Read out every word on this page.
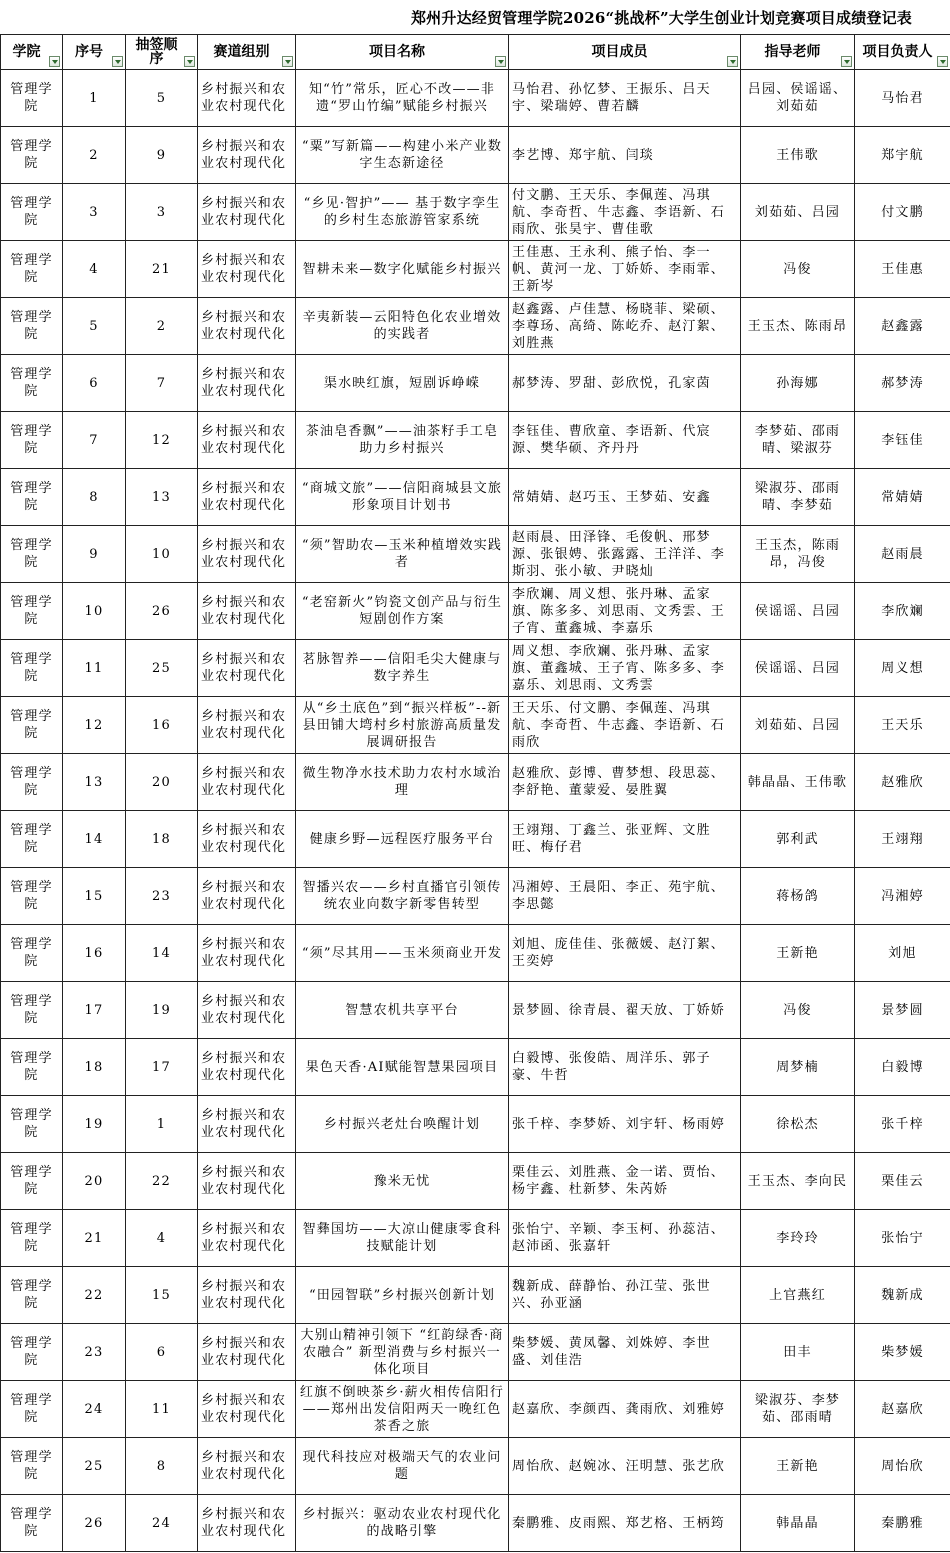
郑州升达经贸管理学院2026“挑战杯”大学生创业计划竞赛项目成绩登记表
学院	序号	抽签顺序	赛道组别	项目名称	项目成员	指导老师	项目负责人

管理学院	1	5	乡村振兴和农业农村现代化	知“竹”常乐，匠心不改——非遗“罗山竹编”赋能乡村振兴	马怡君、孙忆梦、王振乐、吕天宇、梁瑞婷、曹若麟	吕园、侯谣谣、刘茹茹	马怡君
管理学院	2	9	乡村振兴和农业农村现代化	“粟”写新篇——构建小米产业数字生态新途径	李艺博、郑宇航、闫琰	王伟歌	郑宇航
管理学院	3	3	乡村振兴和农业农村现代化	“乡见·智护”—— 基于数字孪生的乡村生态旅游管家系统	付文鹏、王天乐、李佩莲、冯琪航、李奇哲、牛志鑫、李语新、石雨欣、张昊宇、曹佳歌	刘茹茹、吕园	付文鹏
管理学院	4	21	乡村振兴和农业农村现代化	智耕未来—数字化赋能乡村振兴	王佳惠、王永利、熊子怡、李一帆、黄河一龙、丁娇娇、李雨霏、王新岑	冯俊	王佳惠
管理学院	5	2	乡村振兴和农业农村现代化	辛夷新装—云阳特色化农业增效的实践者	赵鑫露、卢佳慧、杨晓菲、梁硕、李尊玚、高绮、陈屹乔、赵汀絮、刘胜燕	王玉杰、陈雨昂	赵鑫露
管理学院	6	7	乡村振兴和农业农村现代化	渠水映红旗，短剧诉峥嵘	郝梦涛、罗甜、彭欣悦，孔家茵	孙海娜	郝梦涛
管理学院	7	12	乡村振兴和农业农村现代化	茶油皂香飘”——油茶籽手工皂助力乡村振兴	李钰佳、曹欣童、李语新、代宸源、樊华硕、齐丹丹	李梦茹、邵雨晴、梁淑芬	李钰佳
管理学院	8	13	乡村振兴和农业农村现代化	“商城文旅”——信阳商城县文旅形象项目计划书	常婧婧、赵巧玉、王梦茹、安鑫	梁淑芬、邵雨晴、李梦茹	常婧婧
管理学院	9	10	乡村振兴和农业农村现代化	“须”智助农—玉米种植增效实践者	赵雨晨、田泽锋、毛俊帆、邢梦源、张银娉、张露露、王洋洋、李斯羽、张小敏、尹晓灿	王玉杰，陈雨昂，冯俊	赵雨晨
管理学院	10	26	乡村振兴和农业农村现代化	“老窑新火”钧瓷文创产品与衍生短剧创作方案	李欣斓、周义想、张丹琳、孟家旗、陈多多、刘思雨、文秀雲、王子宵、董鑫城、李嘉乐	侯谣谣、吕园	李欣斓
管理学院	11	25	乡村振兴和农业农村现代化	茗脉智养——信阳毛尖大健康与数字养生	周义想、李欣斓、张丹琳、孟家旗、董鑫城、王子宵、陈多多、李嘉乐、刘思雨、文秀雲	侯谣谣、吕园	周义想
管理学院	12	16	乡村振兴和农业农村现代化	从“乡土底色”到“振兴样板”--新县田铺大塆村乡村旅游高质量发展调研报告	王天乐、付文鹏、李佩莲、冯琪航、李奇哲、牛志鑫、李语新、石雨欣	刘茹茹、吕园	王天乐
管理学院	13	20	乡村振兴和农业农村现代化	微生物净水技术助力农村水域治理	赵雅欣、彭博、曹梦想、段思蕊、李舒艳、董蒙爱、晏胜翼	韩晶晶、王伟歌	赵雅欣
管理学院	14	18	乡村振兴和农业农村现代化	健康乡野—远程医疗服务平台	王翊翔、丁鑫兰、张亚辉、文胜旺、梅仔君	郭利武	王翊翔
管理学院	15	23	乡村振兴和农业农村现代化	智播兴农——乡村直播官引领传统农业向数字新零售转型	冯湘婷、王晨阳、李正、苑宇航、李思懿	蒋杨鸽	冯湘婷
管理学院	16	14	乡村振兴和农业农村现代化	“须”尽其用——玉米须商业开发	刘旭、庞佳佳、张薇媛、赵汀絮、王奕婷	王新艳	刘旭
管理学院	17	19	乡村振兴和农业农村现代化	智慧农机共享平台	景梦圆、徐青晨、翟天放、丁娇娇	冯俊	景梦圆
管理学院	18	17	乡村振兴和农业农村现代化	果色天香·AI赋能智慧果园项目	白毅博、张俊皓、周洋乐、郭子豪、牛哲	周梦楠	白毅博
管理学院	19	1	乡村振兴和农业农村现代化	乡村振兴老灶台唤醒计划	张千梓、李梦娇、刘宇轩、杨雨婷	徐松杰	张千梓
管理学院	20	22	乡村振兴和农业农村现代化	豫米无忧	栗佳云、刘胜燕、金一诺、贾怡、杨宇鑫、杜新梦、朱芮娇	王玉杰、李向民	栗佳云
管理学院	21	4	乡村振兴和农业农村现代化	智彝国坊——大凉山健康零食科技赋能计划	张怡宁、辛颖、李玉柯、孙蕊洁、赵沛函、张嘉轩	李玲玲	张怡宁
管理学院	22	15	乡村振兴和农业农村现代化	“田园智联”乡村振兴创新计划	魏新成、薛静怡、孙江莹、张世兴、孙亚涵	上官燕红	魏新成
管理学院	23	6	乡村振兴和农业农村现代化	大别山精神引领下 “红韵绿香·商农融合” 新型消费与乡村振兴一体化项目	柴梦媛、黄凤馨、刘姝婷、李世盛、刘佳浩	田丰	柴梦媛
管理学院	24	11	乡村振兴和农业农村现代化	红旗不倒映茶乡·薪火相传信阳行——郑州出发信阳两天一晚红色茶香之旅	赵嘉欣、李颜西、龚雨欣、刘雅婷	梁淑芬、李梦茹、邵雨晴	赵嘉欣
管理学院	25	8	乡村振兴和农业农村现代化	现代科技应对极端天气的农业问题	周怡欣、赵婉冰、汪明慧、张艺欣	王新艳	周怡欣
管理学院	26	24	乡村振兴和农业农村现代化	乡村振兴：驱动农业农村现代化的战略引擎	秦鹏雅、皮雨熙、郑艺格、王柄筠	韩晶晶	秦鹏雅
